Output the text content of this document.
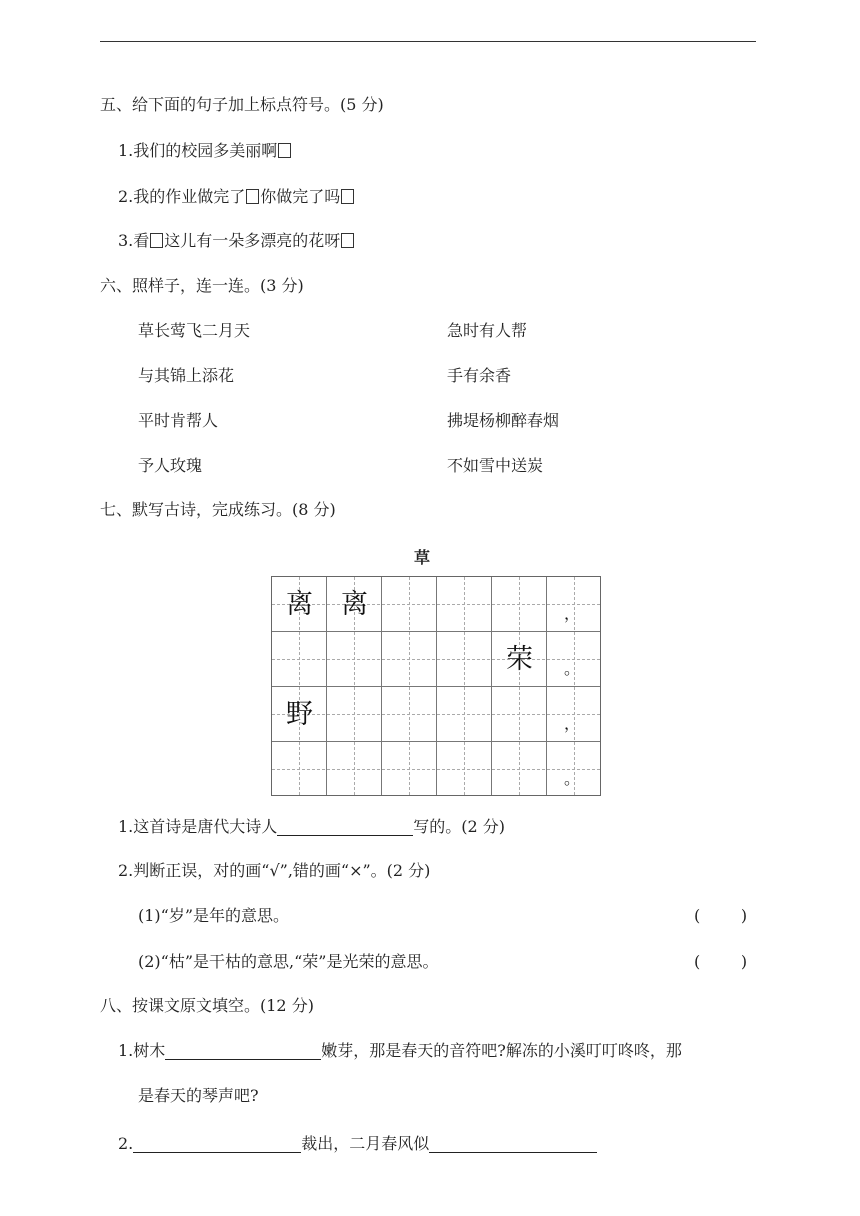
五、给下面的句子加上标点符号。(5 分)
1.我们的校园多美丽啊
2.我的作业做完了 你做完了吗
3.看 这儿有一朵多漂亮的花呀
六、照样子，连一连。(3 分)
草长莺飞二月天
与其锦上添花
平时肯帮人
予人玫瑰
急时有人帮
手有余香
拂堤杨柳醉春烟
不如雪中送炭
七、默写古诗，完成练习。(8 分)
草
离	离
荣
野
，
。
，
。
1.这首诗是唐代大诗人	写的。(2 分)
2.判断正误，对的画“√”,错的画“×”。(2 分)
(1)“岁”是年的意思。	(        )
(2)“枯”是干枯的意思,“荣”是光荣的意思。	(        )
八、按课文原文填空。(12 分)
1.树木	嫩芽，那是春天的音符吧?解冻的小溪叮叮咚咚，那
是春天的琴声吧?
2.	裁出，二月春风似
